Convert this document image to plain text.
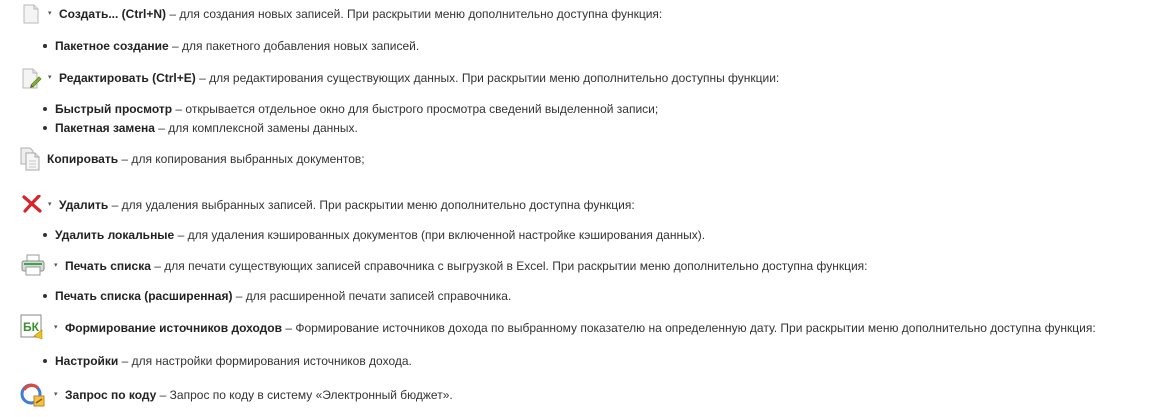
▾ Создать... (Ctrl+N) – для создания новых записей. При раскрытии меню дополнительно доступна функция:
Пакетное создание – для пакетного добавления новых записей.
▾ Редактировать (Ctrl+E) – для редактирования существующих данных. При раскрытии меню дополнительно доступны функции:
Быстрый просмотр – открывается отдельное окно для быстрого просмотра сведений выделенной записи;
Пакетная замена – для комплексной замены данных.
Копировать – для копирования выбранных документов;
▾ Удалить – для удаления выбранных записей. При раскрытии меню дополнительно доступна функция:
Удалить локальные – для удаления кэшированных документов (при включенной настройке кэширования данных).
▾ Печать списка – для печати существующих записей справочника с выгрузкой в Excel. При раскрытии меню дополнительно доступна функция:
Печать списка (расширенная) – для расширенной печати записей справочника.
БК ▾ Формирование источников доходов – Формирование источников дохода по выбранному показателю на определенную дату. При раскрытии меню дополнительно доступна функция:
Настройки – для настройки формирования источников дохода.
▾ Запрос по коду – Запрос по коду в систему «Электронный бюджет».
